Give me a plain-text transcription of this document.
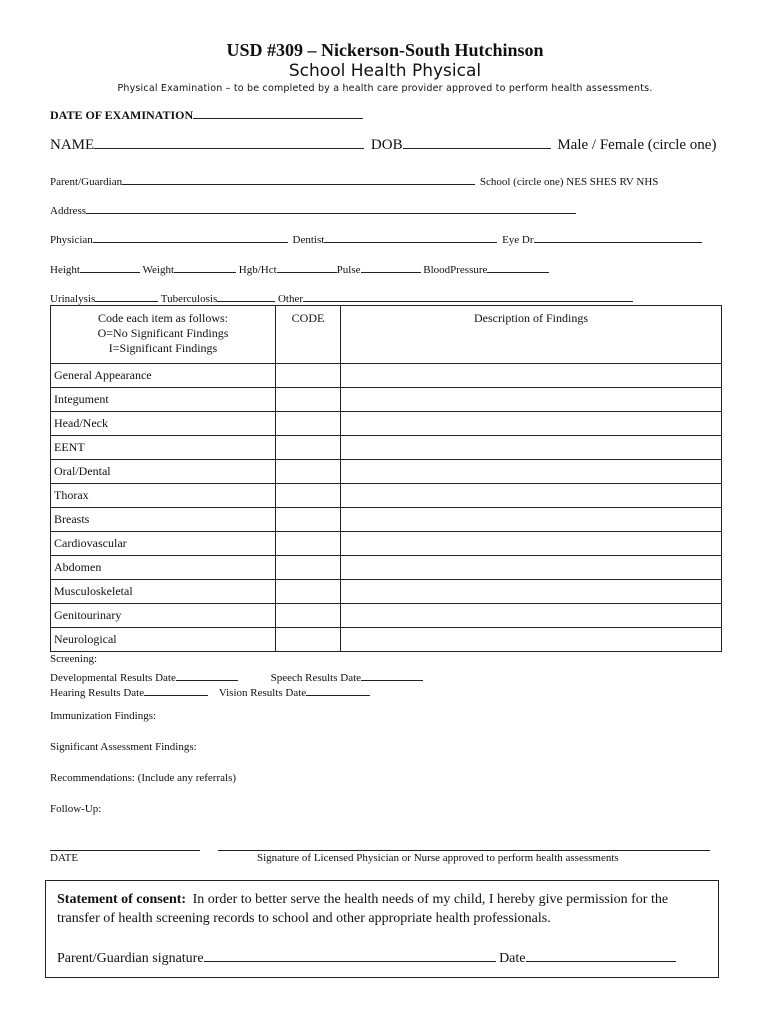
USD #309 – Nickerson-South Hutchinson
School Health Physical
Physical Examination – to be completed by a health care provider approved to perform health assessments.
DATE OF EXAMINATION
NAME	DOB	Male / Female (circle one)
Parent/Guardian	School (circle one) NES SHES RV NHS
Address
Physician	Dentist	Eye Dr
Height	Weight	Hgb/Hct	Pulse	BloodPressure
Urinalysis	Tuberculosis	Other
Code each item as follows:
O=No Significant Findings
I=Significant Findings	CODE	Description of Findings
General Appearance		
Integument		
Head/Neck		
EENT		
Oral/Dental		
Thorax		
Breasts		
Cardiovascular		
Abdomen		
Musculoskeletal		
Genitourinary		
Neurological		
Screening:
Developmental Results Date	Speech Results Date
Hearing Results Date	Vision Results Date
Immunization Findings:
Significant Assessment Findings:
Recommendations: (Include any referrals)
Follow-Up:
DATE	Signature of Licensed Physician or Nurse approved to perform health assessments

Statement of consent: In order to better serve the health needs of my child, I hereby give permission for the transfer of health screening records to school and other appropriate health professionals.

Parent/Guardian signature	Date
